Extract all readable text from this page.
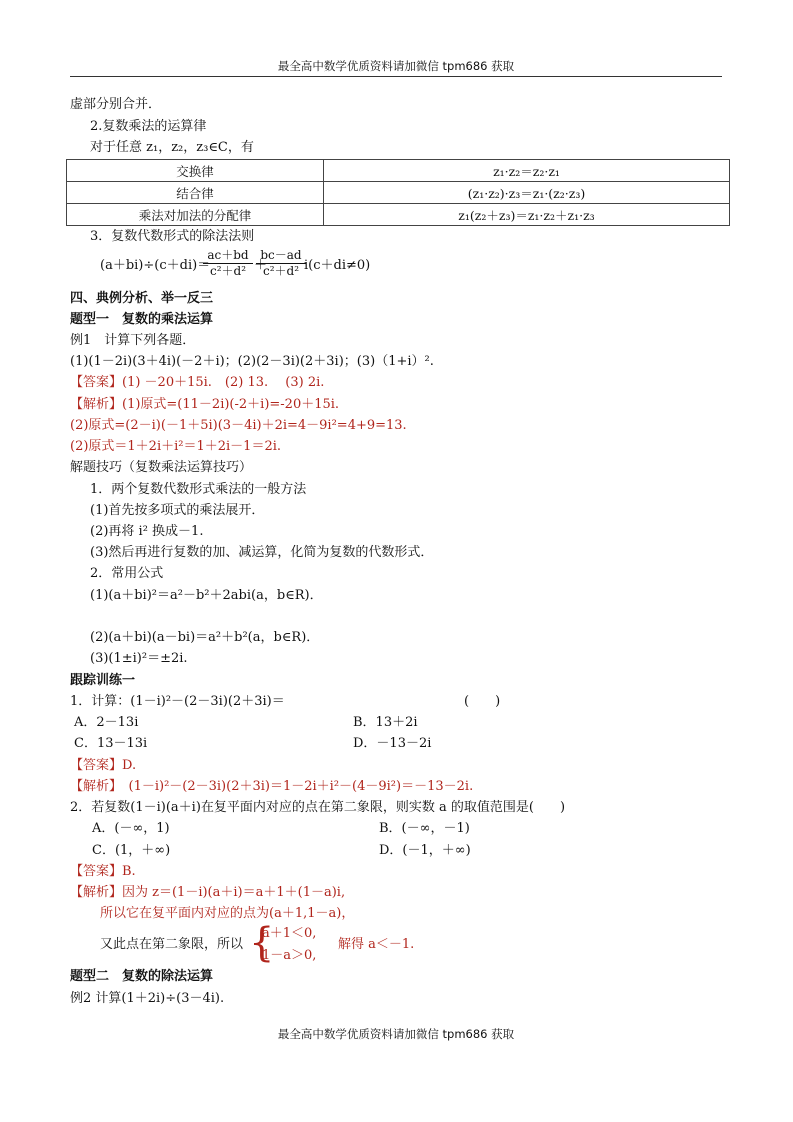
最全高中数学优质资料请加微信 tpm686 获取
虚部分别合并．
2.复数乘法的运算律
对于任意 z₁，z₂，z₃∈C，有
交换律	z₁·z₂＝z₂·z₁
结合律	(z₁·z₂)·z₃＝z₁·(z₂·z₃)
乘法对加法的分配律	z₁(z₂＋z₃)＝z₁·z₂＋z₁·z₃
3．复数代数形式的除法法则
(a＋bi)÷(c＋di)＝
$\frac{ac+bd}{\text{c²＋d²}}$ ＋
$\frac{bc-ad}{\text{c²＋d²}}$
i(c＋di≠0)
四、典例分析、举一反三
题型一　复数的乘法运算
例1　计算下列各题．
(1)(1－2i)(3＋4i)(－2＋i)；(2)(2－3i)(2＋3i)；(3)（1+i）².
【答案】(1) －20＋15i.　(2) 13.　 (3) 2i.
【解析】(1)原式=(11－2i)(-2＋i)=-20＋15i.
(2)原式=(2－i)(－1＋5i)(3－4i)＋2i=4－9i²=4+9=13.
(2)原式＝1＋2i＋i²＝1＋2i－1＝2i.
解题技巧（复数乘法运算技巧）
1．两个复数代数形式乘法的一般方法
(1)首先按多项式的乘法展开．
(2)再将 i² 换成－1.
(3)然后再进行复数的加、减运算，化简为复数的代数形式．
2．常用公式
(1)(a＋bi)²＝a²－b²＋2abi(a，b∈R)．
(2)(a＋bi)(a－bi)＝a²＋b²(a，b∈R)．
(3)(1±i)²＝±2i.
跟踪训练一
1．计算：(1－i)²－(2－3i)(2＋3i)＝	(　　)
A．2－13i	B．13＋2i
C．13－13i	D．－13－2i
【答案】D.
【解析】　(1－i)²－(2－3i)(2＋3i)＝1－2i＋i²－(4－9i²)＝－13－2i.
2．若复数(1－i)(a＋i)在复平面内对应的点在第二象限，则实数 a 的取值范围是(　　)
A．(－∞，1)	B．(－∞，－1)
C．(1，＋∞)	D．(－1，＋∞)
【答案】B.
【解析】因为 z＝(1－i)(a＋i)＝a＋1＋(1－a)i,
所以它在复平面内对应的点为(a＋1,1－a)，
又此点在第二象限，所以 {
a＋1＜0,
1－a＞0,
解得 a＜－1.
题型二　复数的除法运算
例2 计算(1＋2i)÷(3－4i).
最全高中数学优质资料请加微信 tpm686 获取
